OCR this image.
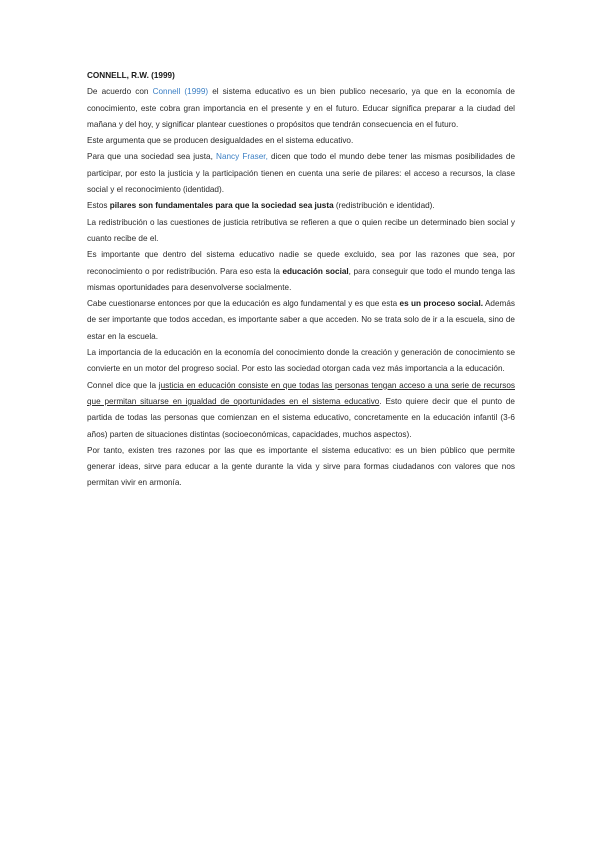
CONNELL, R.W. (1999)

De acuerdo con Connell (1999) el sistema educativo es un bien publico necesario, ya que en la economía de conocimiento, este cobra gran importancia en el presente y en el futuro. Educar significa preparar a la ciudad del mañana y del hoy, y significar plantear cuestiones o propósitos que tendrán consecuencia en el futuro.

Este argumenta que se producen desigualdades en el sistema educativo.

Para que una sociedad sea justa, Nancy Fraser, dicen que todo el mundo debe tener las mismas posibilidades de participar, por esto la justicia y la participación tienen en cuenta una serie de pilares: el acceso a recursos, la clase social y el reconocimiento (identidad).

Estos pilares son fundamentales para que la sociedad sea justa (redistribución e identidad).

La redistribución o las cuestiones de justicia retributiva se refieren a que o quien recibe un determinado bien social y cuanto recibe de el.

Es importante que dentro del sistema educativo nadie se quede excluido, sea por las razones que sea, por reconocimiento o por redistribución. Para eso esta la educación social, para conseguir que todo el mundo tenga las mismas oportunidades para desenvolverse socialmente.

Cabe cuestionarse entonces por que la educación es algo fundamental y es que esta es un proceso social. Además de ser importante que todos accedan, es importante saber a que acceden. No se trata solo de ir a la escuela, sino de estar en la escuela.

La importancia de la educación en la economía del conocimiento donde la creación y generación de conocimiento se convierte en un motor del progreso social. Por esto las sociedad otorgan cada vez más importancia a la educación.

Connel dice que la justicia en educación consiste en que todas las personas tengan acceso a una serie de recursos que permitan situarse en igualdad de oportunidades en el sistema educativo. Esto quiere decir que el punto de partida de todas las personas que comienzan en el sistema educativo, concretamente en la educación infantil (3-6 años) parten de situaciones distintas (socioeconómicas, capacidades, muchos aspectos).

Por tanto, existen tres razones por las que es importante el sistema educativo: es un bien público que permite generar ideas, sirve para educar a la gente durante la vida y sirve para formas ciudadanos con valores que nos permitan vivir en armonía.
